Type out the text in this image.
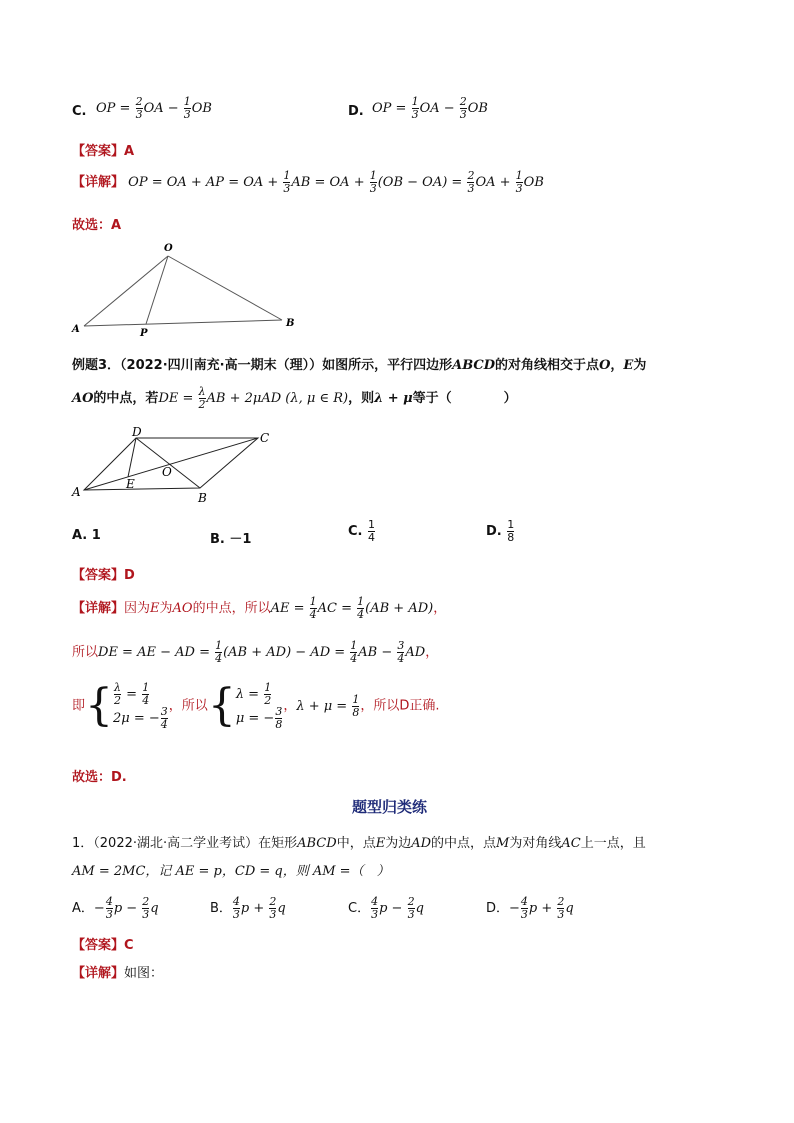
C. OP = $\frac{2}{3}$ OA − $\frac{1}{3}$ OB	D. OP = $\frac{1}{3}$ OA − $\frac{2}{3}$ OB
【答案】A
【详解】 OP = OA + AP = OA + $\frac{1}{3}$ AB = OA + $\frac{1}{3} (OB - OA) = \frac{2}{3}$ OA + $\frac{1}{3}$ OB
故选：A
O
A	P
B
例题3．（2022·四川南充·高一期末（理））如图所示，平行四边形ABCD的对角线相交于点O，E为
AO的中点，若DE = $\frac{\lambda}{2}$ AB + 2μAD (λ, μ ∈ R)，则λ + μ等于（　　　　）
A	B
C
D
E
O
A. 1	B. －1
C. $\frac{1}{4}$	D. $\frac{1}{8}$
【答案】D
【详解】因为E为AO的中点，所以AE = $\frac{1}{4}$ AC = $\frac{1}{4} (AB + AD)$，
所以DE = AE − AD = $\frac{1}{4} (AB + AD)$ − AD = $\frac{1}{4}$ AB − $\frac{3}{4}$ AD，
即{ $\frac{\lambda}{2} = \frac{1}{4}$
2μ = − $\frac{3}{4}$ ，所以{ $\lambda = \frac{1}{2}$
μ = − $\frac{3}{8}$ ，$\lambda + \mu = \frac{1}{8}$ ，所以D正确.
故选：D.
题型归类练
1．（2022·湖北·高二学业考试）在矩形ABCD中，点E为边AD的中点，点M为对角线AC上一点，且
AM = 2MC，记 AE = p，CD = q，则 AM =（　）
A．− $\frac{4}{3}$ $p - \frac{2}{3}$ q	B． $\frac{4}{3}$ $p + \frac{2}{3}$ q	C． $\frac{4}{3}$ $p - \frac{2}{3}$ q	D．− $\frac{4}{3}$ $p + \frac{2}{3}$ q
【答案】C
【详解】如图：
